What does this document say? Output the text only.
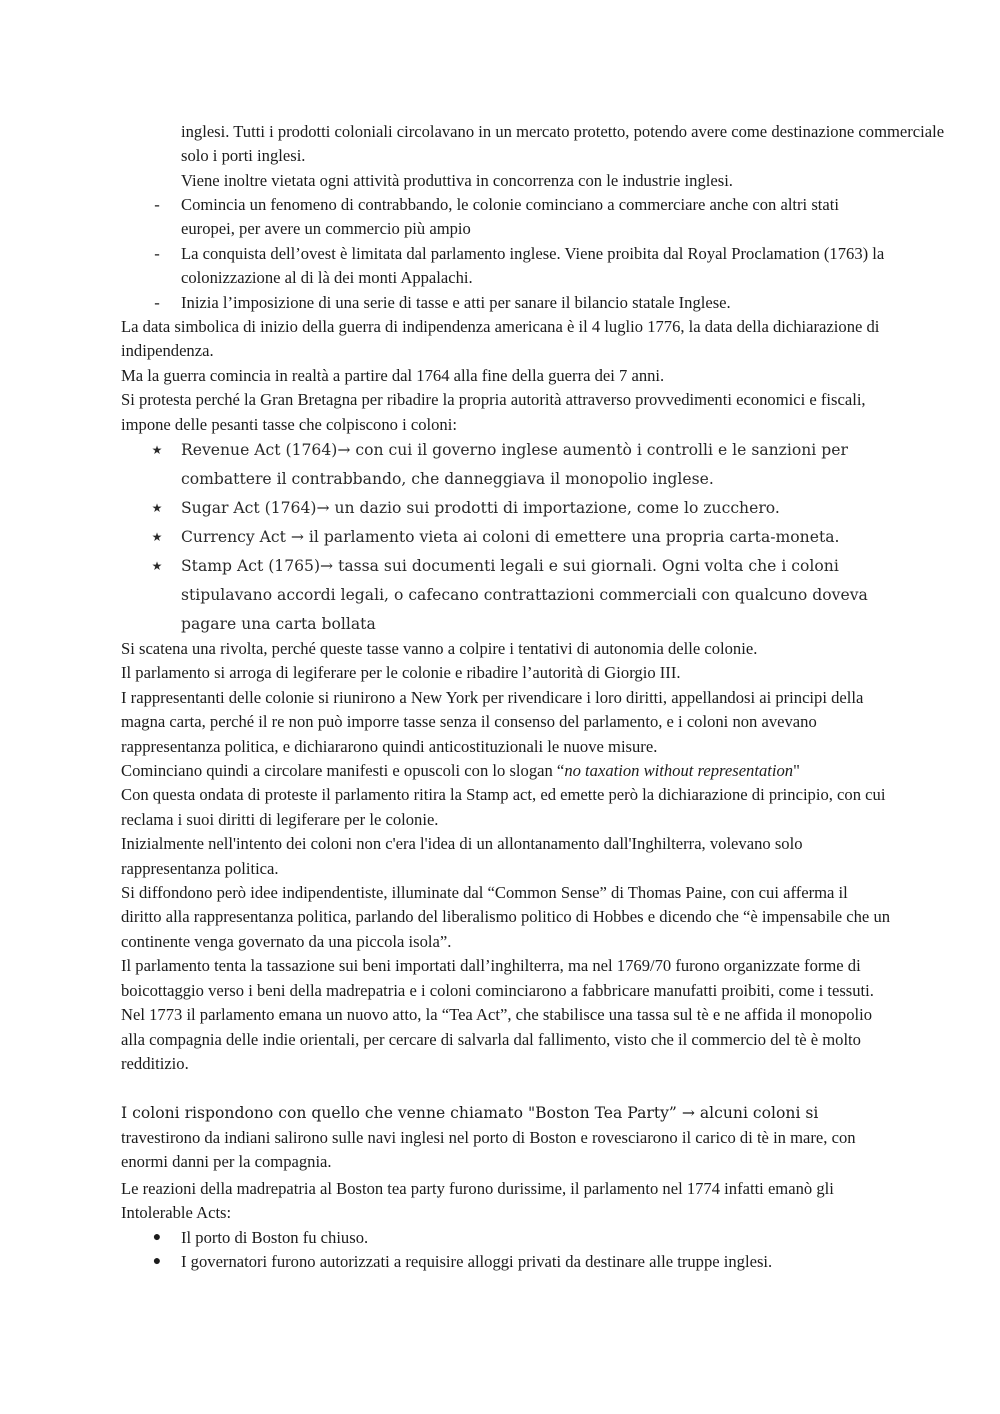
inglesi. Tutti i prodotti coloniali circolavano in un mercato protetto, potendo avere come destinazione commerciale solo i porti inglesi.

Viene inoltre vietata ogni attività produttiva in concorrenza con le industrie inglesi.

-	Comincia un fenomeno di contrabbando, le colonie cominciano a commerciare anche con altri stati europei, per avere un commercio più ampio

-	La conquista dell’ovest è limitata dal parlamento inglese. Viene proibita dal Royal Proclamation (1763) la colonizzazione al di là dei monti Appalachi.

-	Inizia l’imposizione di una serie di tasse e atti per sanare il bilancio statale Inglese.

La data simbolica di inizio della guerra di indipendenza americana è il 4 luglio 1776, la data della dichiarazione di indipendenza.

Ma la guerra comincia in realtà a partire dal 1764 alla fine della guerra dei 7 anni.

Si protesta perché la Gran Bretagna per ribadire la propria autorità attraverso provvedimenti economici e fiscali, impone delle pesanti tasse che colpiscono i coloni:

★ Revenue Act (1764)→ con cui il governo inglese aumentò i controlli e le sanzioni per combattere il contrabbando, che danneggiava il monopolio inglese.

★ Sugar Act (1764)→ un dazio sui prodotti di importazione, come lo zucchero.

★ Currency Act → il parlamento vieta ai coloni di emettere una propria carta-moneta.

★ Stamp Act (1765)→ tassa sui documenti legali e sui giornali. Ogni volta che i coloni stipulavano accordi legali, o cafecano contrattazioni commerciali con qualcuno doveva pagare una carta bollata

Si scatena una rivolta, perché queste tasse vanno a colpire i tentativi di autonomia delle colonie.

Il parlamento si arroga di legiferare per le colonie e ribadire l’autorità di Giorgio III.

I rappresentanti delle colonie si riunirono a New York per rivendicare i loro diritti, appellandosi ai principi della magna carta, perché il re non può imporre tasse senza il consenso del parlamento, e i coloni non avevano rappresentanza politica, e dichiararono quindi anticostituzionali le nuove misure.

Cominciano quindi a circolare manifesti e opuscoli con lo slogan “no taxation without representation"

Con questa ondata di proteste il parlamento ritira la Stamp act, ed emette però la dichiarazione di principio, con cui reclama i suoi diritti di legiferare per le colonie.

Inizialmente nell'intento dei coloni non c'era l'idea di un allontanamento dall'Inghilterra, volevano solo rappresentanza politica.

Si diffondono però idee indipendentiste, illuminate dal “Common Sense” di Thomas Paine, con cui afferma il diritto alla rappresentanza politica, parlando del liberalismo politico di Hobbes e dicendo che “è impensabile che un continente venga governato da una piccola isola”.

Il parlamento tenta la tassazione sui beni importati dall’inghilterra, ma nel 1769/70 furono organizzate forme di boicottaggio verso i beni della madrepatria e i coloni cominciarono a fabbricare manufatti proibiti, come i tessuti.

Nel 1773 il parlamento emana un nuovo atto, la “Tea Act”, che stabilisce una tassa sul tè e ne affida il monopolio alla compagnia delle indie orientali, per cercare di salvarla dal fallimento, visto che il commercio del tè è molto redditizio.

I coloni rispondono con quello che venne chiamato "Boston Tea Party” → alcuni coloni si

travestirono da indiani salirono sulle navi inglesi nel porto di Boston e rovesciarono il carico di tè in mare, con enormi danni per la compagnia.

Le reazioni della madrepatria al Boston tea party furono durissime, il parlamento nel 1774 infatti emanò gli Intolerable Acts:

●	Il porto di Boston fu chiuso.

●	I governatori furono autorizzati a requisire alloggi privati da destinare alle truppe inglesi.
